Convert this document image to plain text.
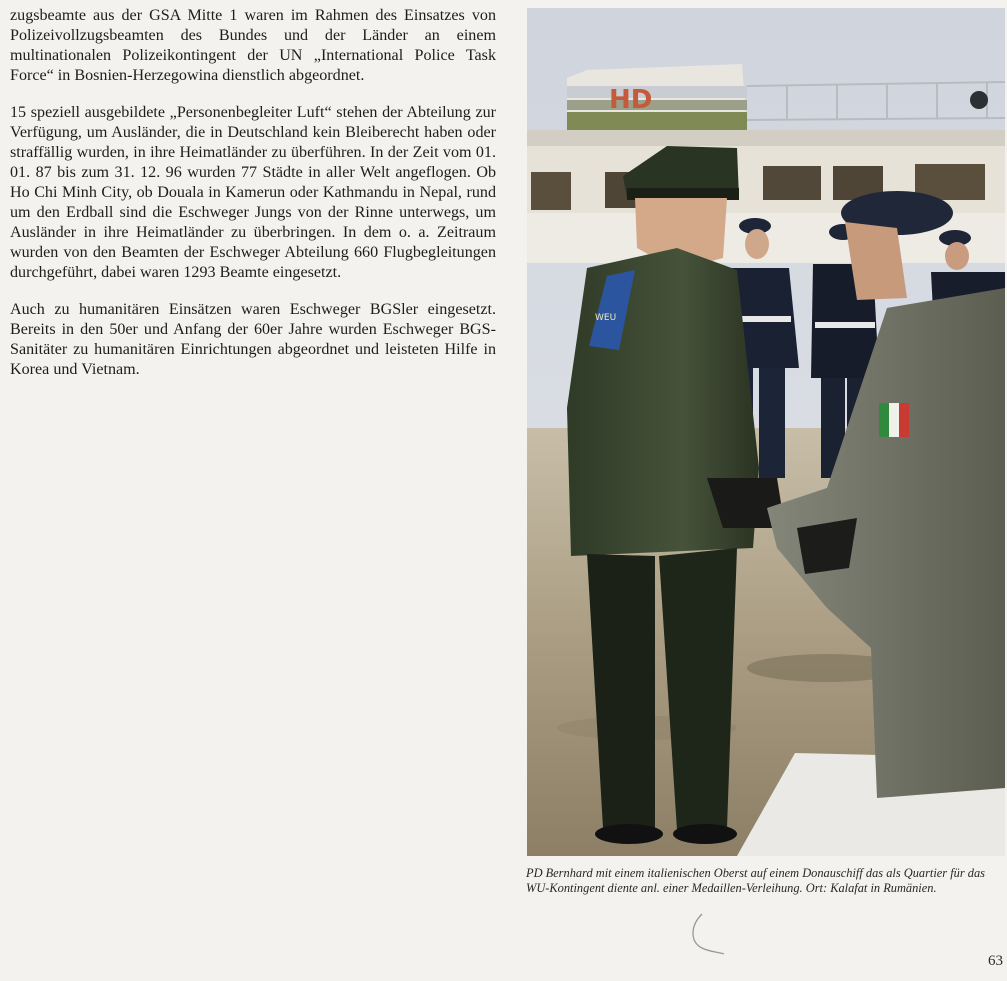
zugsbeamte aus der GSA Mitte 1 waren im Rahmen des Einsatzes von Polizeivollzugsbeamten des Bundes und der Länder an einem multinationalen Polizeikontingent der UN „International Police Task Force“ in Bosnien-Herzegowina dienstlich abgeordnet.

15 speziell ausgebildete „Personenbegleiter Luft“ stehen der Abteilung zur Verfügung, um Ausländer, die in Deutschland kein Bleiberecht haben oder straffällig wurden, in ihre Heimatländer zu überführen. In der Zeit vom 01. 01. 87 bis zum 31. 12. 96 wurden 77 Städte in aller Welt angeflogen. Ob Ho Chi Minh City, ob Douala in Kamerun oder Kathmandu in Nepal, rund um den Erdball sind die Eschweger Jungs von der Rinne unterwegs, um Ausländer in ihre Heimatländer zu überbringen. In dem o. a. Zeitraum wurden von den Beamten der Eschweger Abteilung 660 Flugbegleitungen durchgeführt, dabei waren 1293 Beamte eingesetzt.

Auch zu humanitären Einsätzen waren Eschweger BGSler eingesetzt. Bereits in den 50er und Anfang der 60er Jahre wurden Eschweger BGS-Sanitäter zu humanitären Einrichtungen abgeordnet und leisteten Hilfe in Korea und Vietnam.

HD
WEU

PD Bernhard mit einem italienischen Oberst auf einem Donauschiff das als Quartier für das WU-Kontingent diente anl. einer Medaillen-Verleihung. Ort: Kalafat in Rumänien.

63
